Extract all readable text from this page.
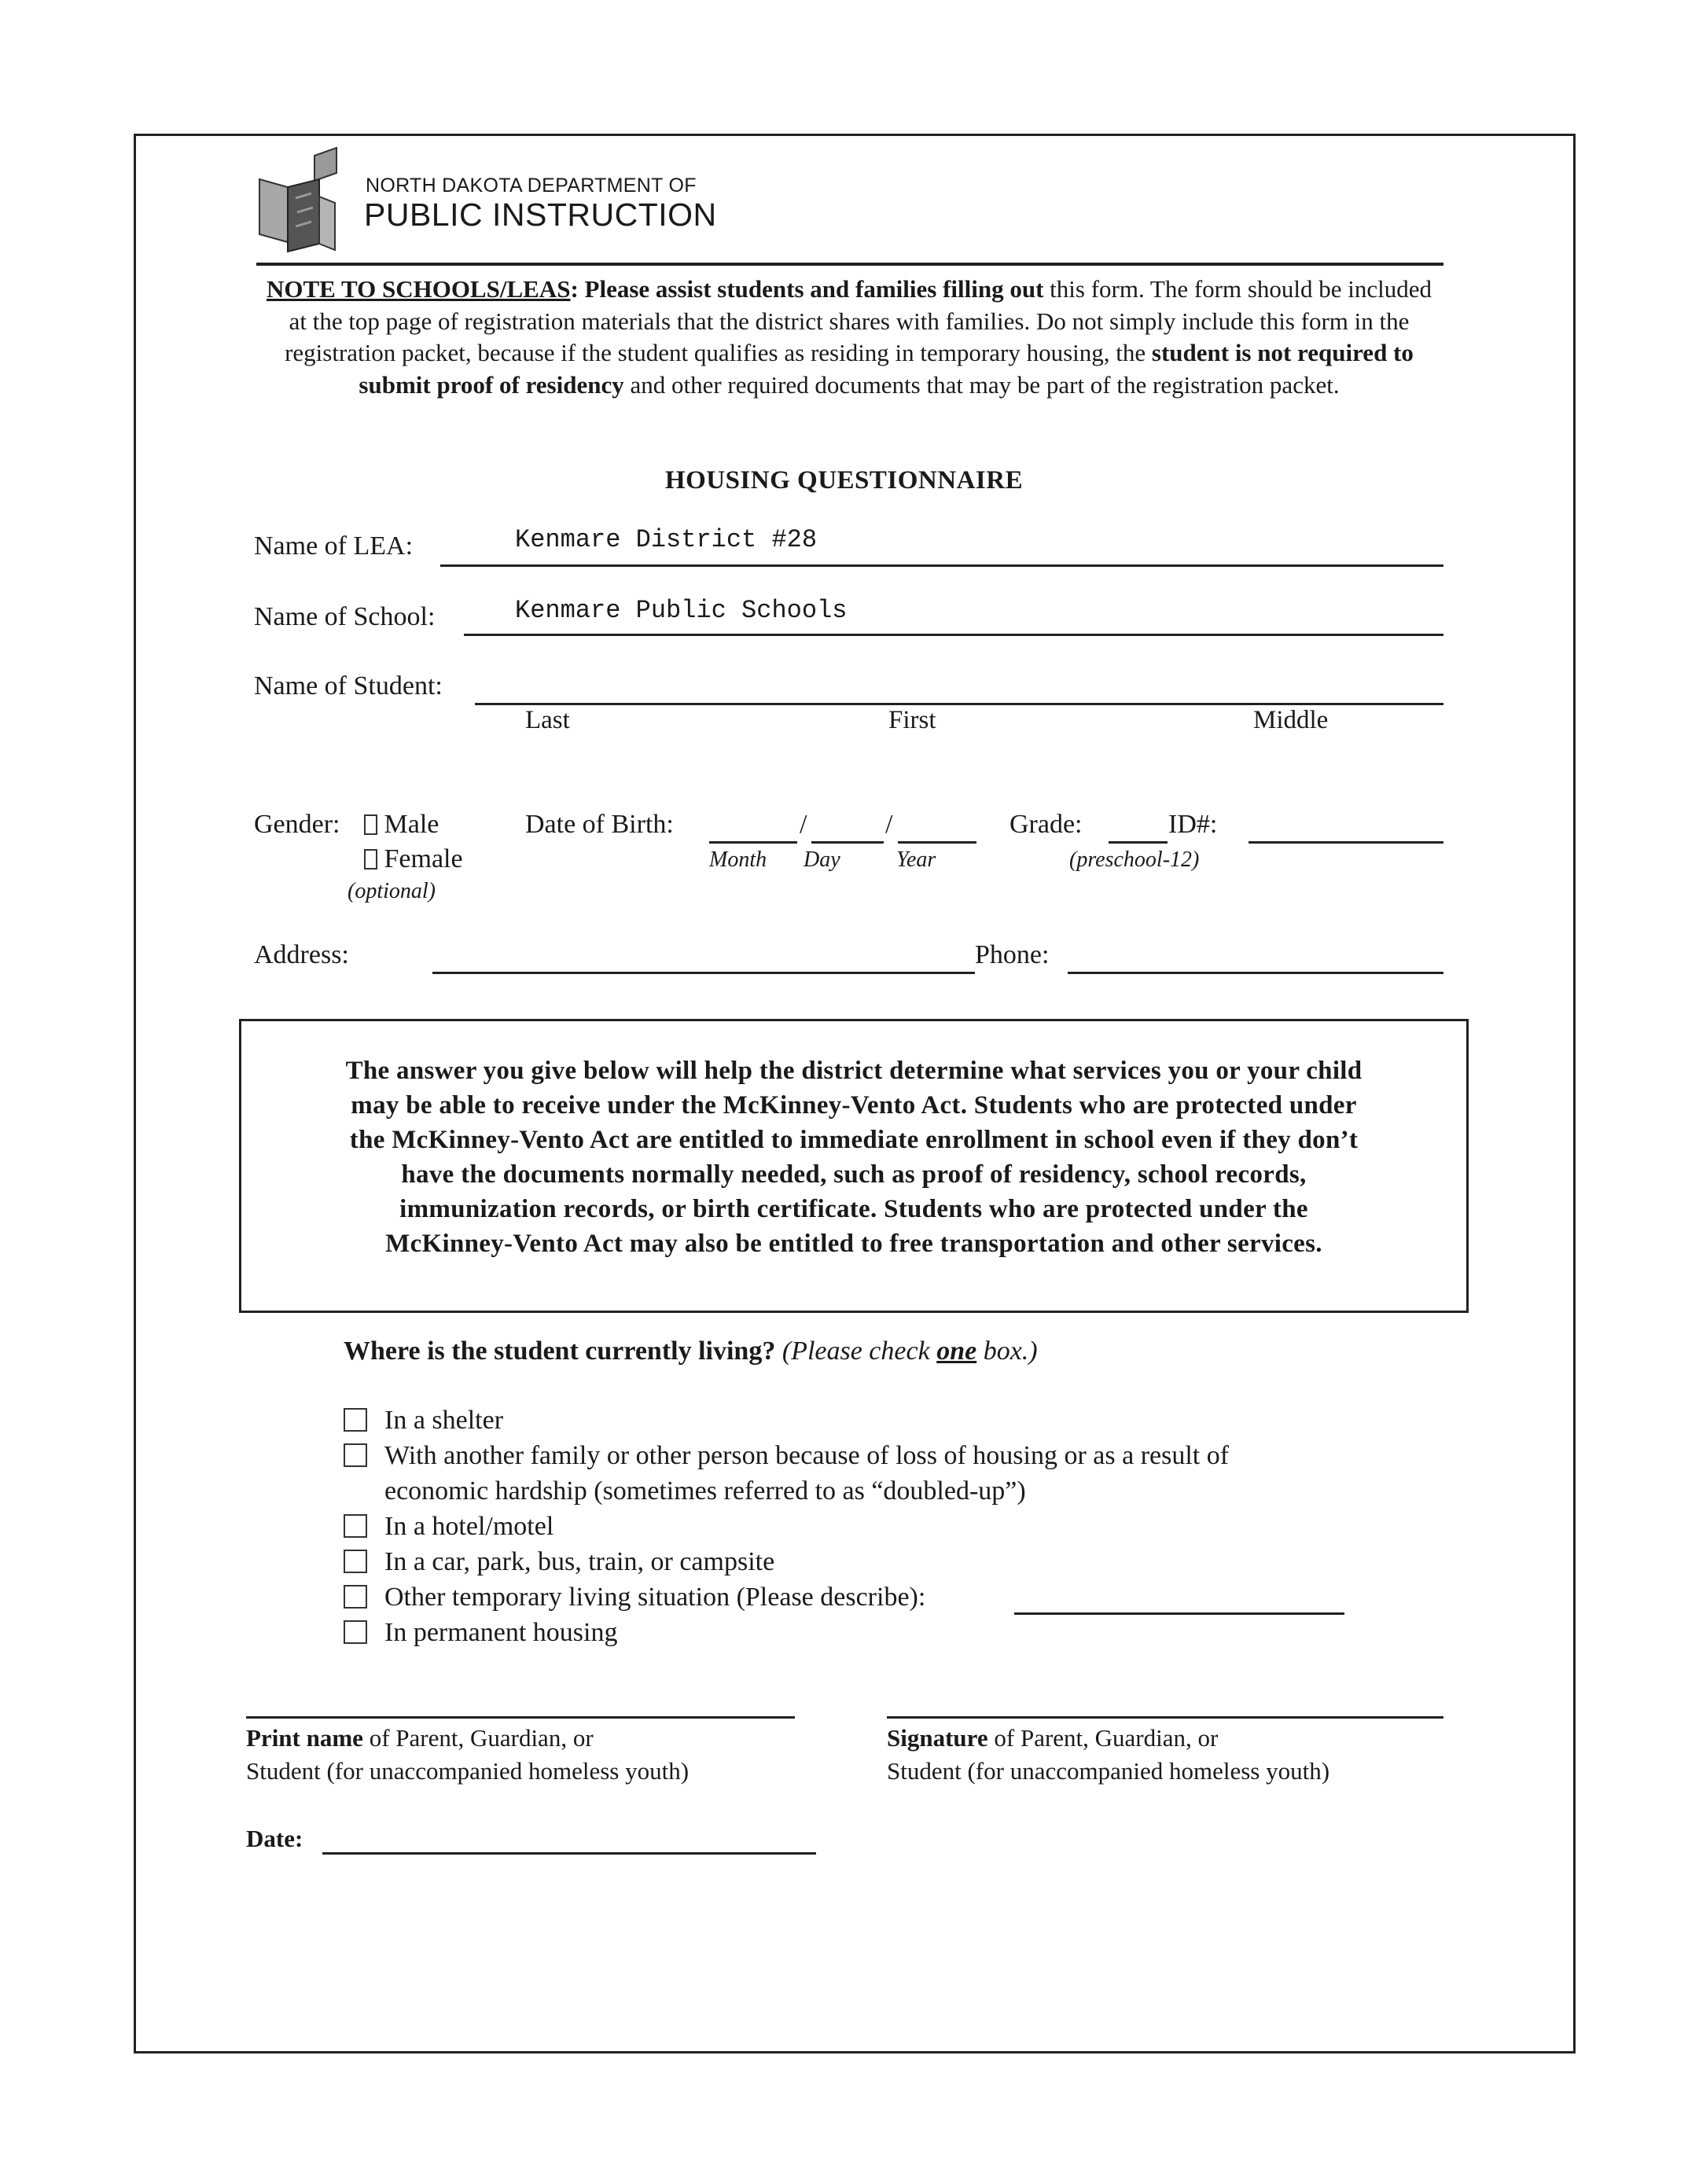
NORTH DAKOTA DEPARTMENT OF
PUBLIC INSTRUCTION
NOTE TO SCHOOLS/LEAS: Please assist students and families filling out this form. The form should be included at the top page of registration materials that the district shares with families. Do not simply include this form in the registration packet, because if the student qualifies as residing in temporary housing, the student is not required to submit proof of residency and other required documents that may be part of the registration packet.
HOUSING QUESTIONNAIRE
Name of LEA:	Kenmare District #28
Name of School:	Kenmare Public Schools
Name of Student:
Last	First	Middle
Gender:	Male
Female
(optional)
Date of Birth:	/	/
Month Day	Year
Grade:	ID#:
(preschool-12)
Address:	Phone:
The answer you give below will help the district determine what services you or your child
may be able to receive under the McKinney-Vento Act. Students who are protected under
the McKinney-Vento Act are entitled to immediate enrollment in school even if they don’t
have the documents normally needed, such as proof of residency, school records,
immunization records, or birth certificate. Students who are protected under the
McKinney-Vento Act may also be entitled to free transportation and other services.
Where is the student currently living? (Please check one box.)
In a shelter
With another family or other person because of loss of housing or as a result of
economic hardship (sometimes referred to as “doubled-up”)
In a hotel/motel
In a car, park, bus, train, or campsite
Other temporary living situation (Please describe):
In permanent housing
Print name of Parent, Guardian, or
Student (for unaccompanied homeless youth)
Signature of Parent, Guardian, or
Student (for unaccompanied homeless youth)
Date:
